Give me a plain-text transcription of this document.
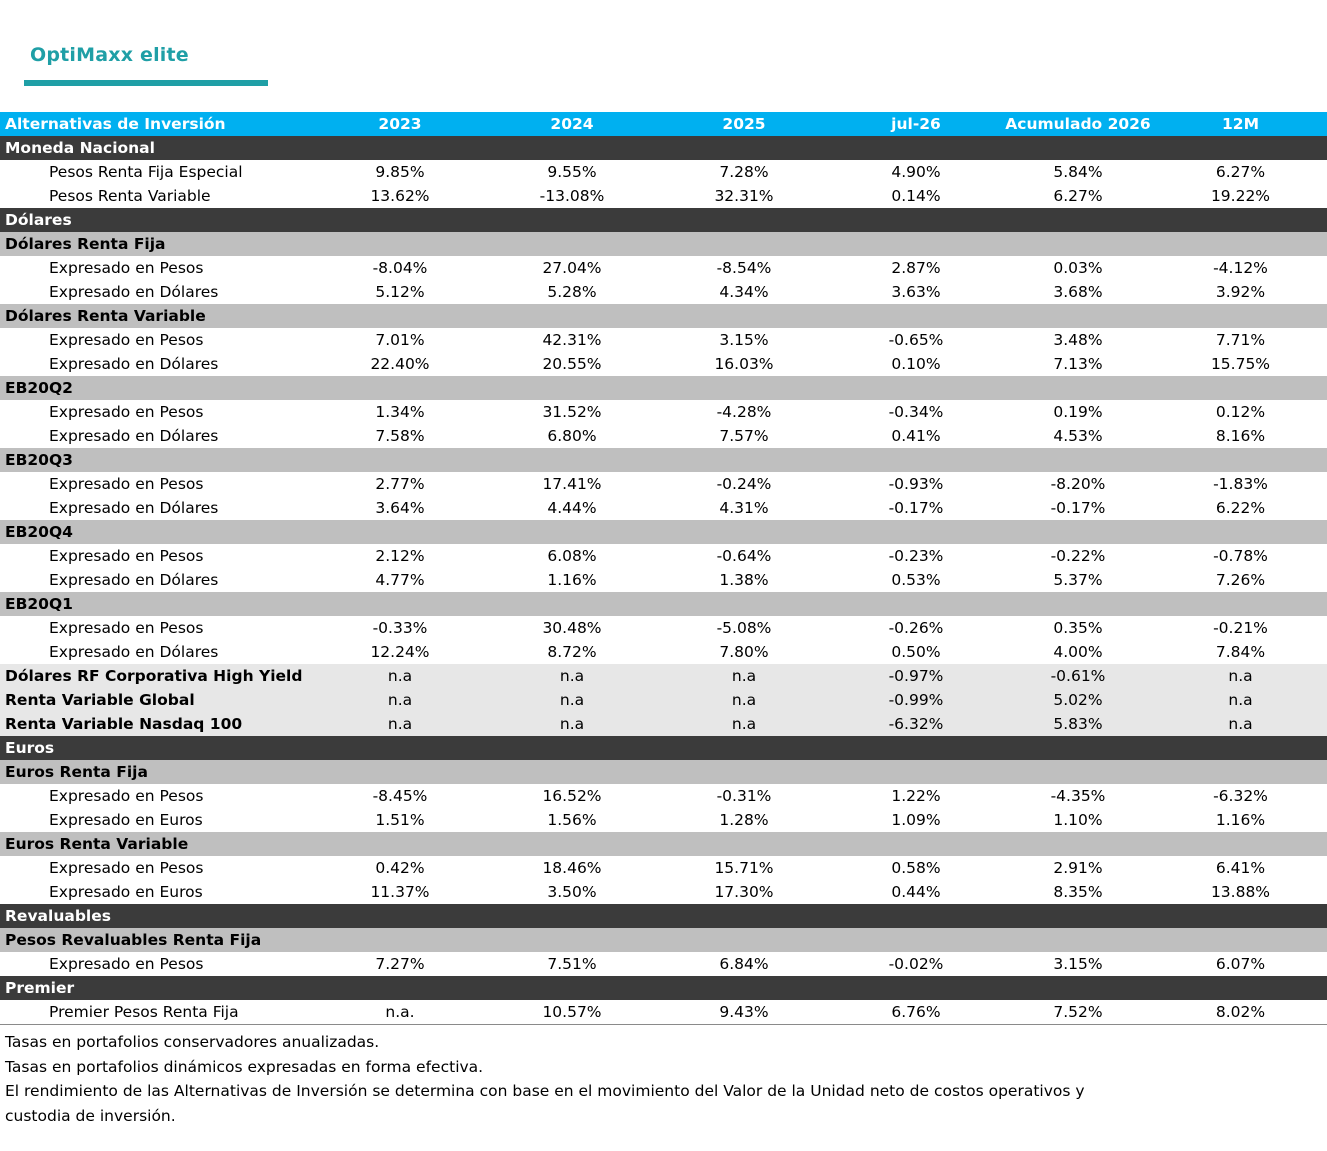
OptiMaxx elite
Alternativas de Inversión	2023	2024	2025	jul-26	Acumulado 2026	12M
Moneda Nacional
Pesos Renta Fija Especial	9.85%	9.55%	7.28%	4.90%	5.84%	6.27%
Pesos Renta Variable	13.62%	-13.08%	32.31%	0.14%	6.27%	19.22%
Dólares
Dólares Renta Fija
Expresado en Pesos	-8.04%	27.04%	-8.54%	2.87%	0.03%	-4.12%
Expresado en Dólares	5.12%	5.28%	4.34%	3.63%	3.68%	3.92%
Dólares Renta Variable
Expresado en Pesos	7.01%	42.31%	3.15%	-0.65%	3.48%	7.71%
Expresado en Dólares	22.40%	20.55%	16.03%	0.10%	7.13%	15.75%
EB20Q2
Expresado en Pesos	1.34%	31.52%	-4.28%	-0.34%	0.19%	0.12%
Expresado en Dólares	7.58%	6.80%	7.57%	0.41%	4.53%	8.16%
EB20Q3
Expresado en Pesos	2.77%	17.41%	-0.24%	-0.93%	-8.20%	-1.83%
Expresado en Dólares	3.64%	4.44%	4.31%	-0.17%	-0.17%	6.22%
EB20Q4
Expresado en Pesos	2.12%	6.08%	-0.64%	-0.23%	-0.22%	-0.78%
Expresado en Dólares	4.77%	1.16%	1.38%	0.53%	5.37%	7.26%
EB20Q1
Expresado en Pesos	-0.33%	30.48%	-5.08%	-0.26%	0.35%	-0.21%
Expresado en Dólares	12.24%	8.72%	7.80%	0.50%	4.00%	7.84%
Dólares RF Corporativa High Yield	n.a	n.a	n.a	-0.97%	-0.61%	n.a
Renta Variable Global	n.a	n.a	n.a	-0.99%	5.02%	n.a
Renta Variable Nasdaq 100	n.a	n.a	n.a	-6.32%	5.83%	n.a
Euros
Euros Renta Fija
Expresado en Pesos	-8.45%	16.52%	-0.31%	1.22%	-4.35%	-6.32%
Expresado en Euros	1.51%	1.56%	1.28%	1.09%	1.10%	1.16%
Euros Renta Variable
Expresado en Pesos	0.42%	18.46%	15.71%	0.58%	2.91%	6.41%
Expresado en Euros	11.37%	3.50%	17.30%	0.44%	8.35%	13.88%
Revaluables
Pesos Revaluables Renta Fija
Expresado en Pesos	7.27%	7.51%	6.84%	-0.02%	3.15%	6.07%
Premier
Premier Pesos Renta Fija	n.a.	10.57%	9.43%	6.76%	7.52%	8.02%
Tasas en portafolios conservadores anualizadas.
Tasas en portafolios dinámicos expresadas en forma efectiva.
El rendimiento de las Alternativas de Inversión se determina con base en el movimiento del Valor de la Unidad neto de costos operativos y
custodia de inversión.
